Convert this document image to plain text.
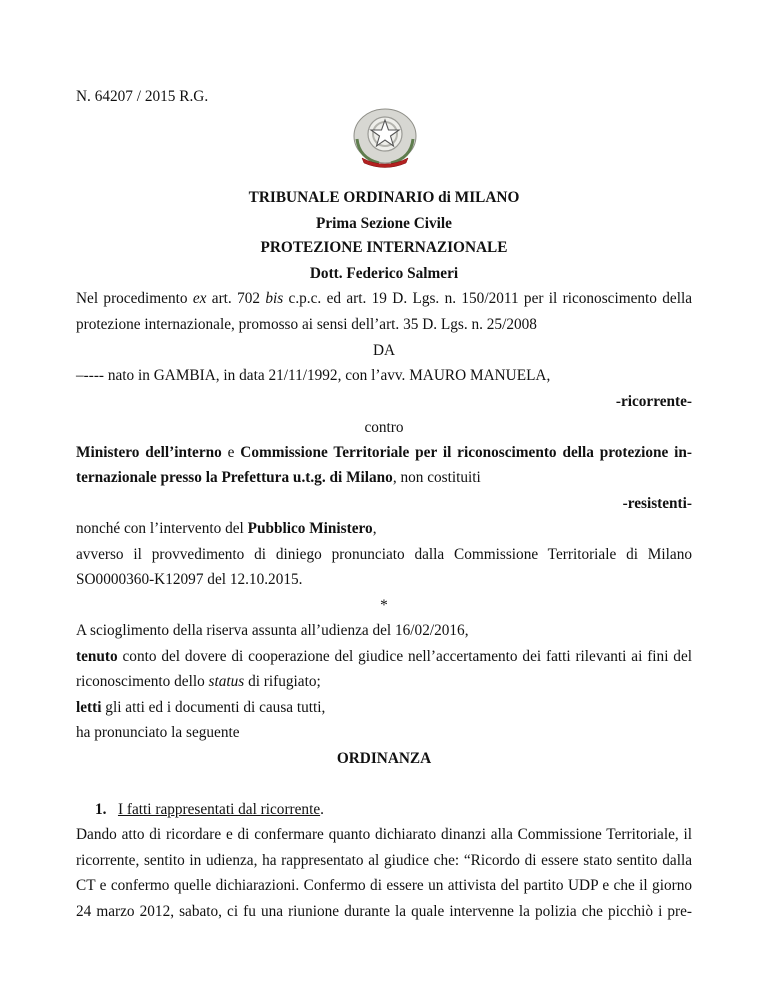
N. 64207 / 2015 R.G.
TRIBUNALE ORDINARIO di MILANO
Prima Sezione Civile
PROTEZIONE INTERNAZIONALE
Dott. Federico Salmeri
Nel procedimento ex art. 702 bis c.p.c. ed art. 19 D. Lgs. n. 150/2011 per il riconoscimento della
protezione internazionale, promosso ai sensi dell’art. 35 D. Lgs. n. 25/2008
DA
–---- nato in GAMBIA, in data 21/11/1992, con l’avv. MAURO MANUELA,
-ricorrente-
contro
Ministero dell’interno e Commissione Territoriale per il riconoscimento della protezione in-
ternazionale presso la Prefettura u.t.g. di Milano, non costituiti
-resistenti-
nonché con l’intervento del Pubblico Ministero,
avverso il provvedimento di diniego pronunciato dalla Commissione Territoriale di Milano
SO0000360-K12097 del 12.10.2015.
*
A scioglimento della riserva assunta all’udienza del 16/02/2016,
tenuto conto del dovere di cooperazione del giudice nell’accertamento dei fatti rilevanti ai fini del
riconoscimento dello status di rifugiato;
letti gli atti ed i documenti di causa tutti,
ha pronunciato la seguente
ORDINANZA
1. I fatti rappresentati dal ricorrente.
Dando atto di ricordare e di confermare quanto dichiarato dinanzi alla Commissione Territoriale, il
ricorrente, sentito in udienza, ha rappresentato al giudice che: “Ricordo di essere stato sentito dalla
CT e confermo quelle dichiarazioni. Confermo di essere un attivista del partito UDP e che il giorno
24 marzo 2012, sabato, ci fu una riunione durante la quale intervenne la polizia che picchiò i pre-
